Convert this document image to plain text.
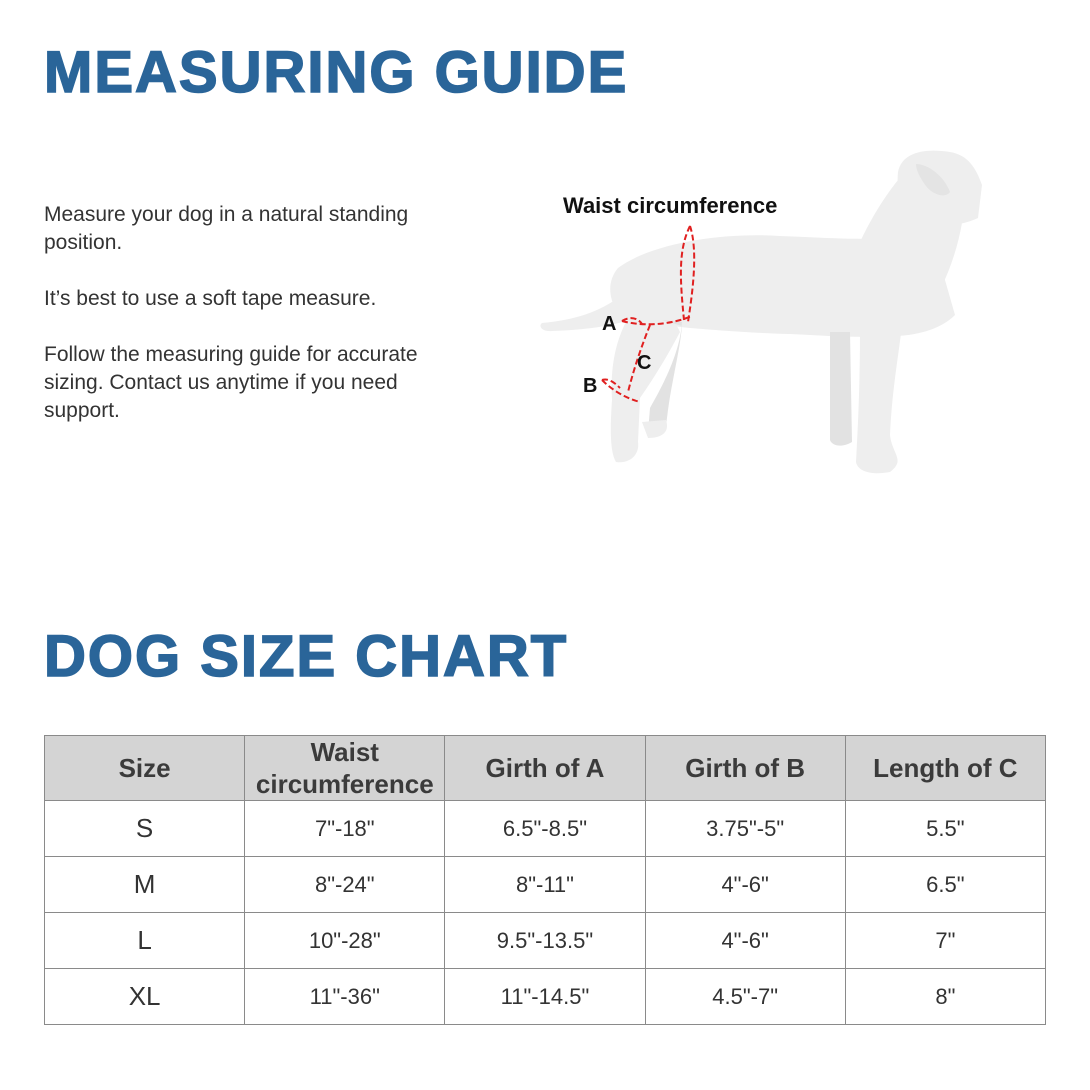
MEASURING GUIDE

Measure your dog in a natural standing position.

It’s best to use a soft tape measure.

Follow the measuring guide for accurate sizing. Contact us anytime if you need support.

Waist circumference
A
C
B
DOG SIZE CHART
Size	Waist circumference	Girth of A	Girth of B	Length of C
S	7"-18"	6.5"-8.5"	3.75"-5"	5.5"
M	8"-24"	8"-11"	4"-6"	6.5"
L	10"-28"	9.5"-13.5"	4"-6"	7"
XL	11"-36"	11"-14.5"	4.5"-7"	8"
